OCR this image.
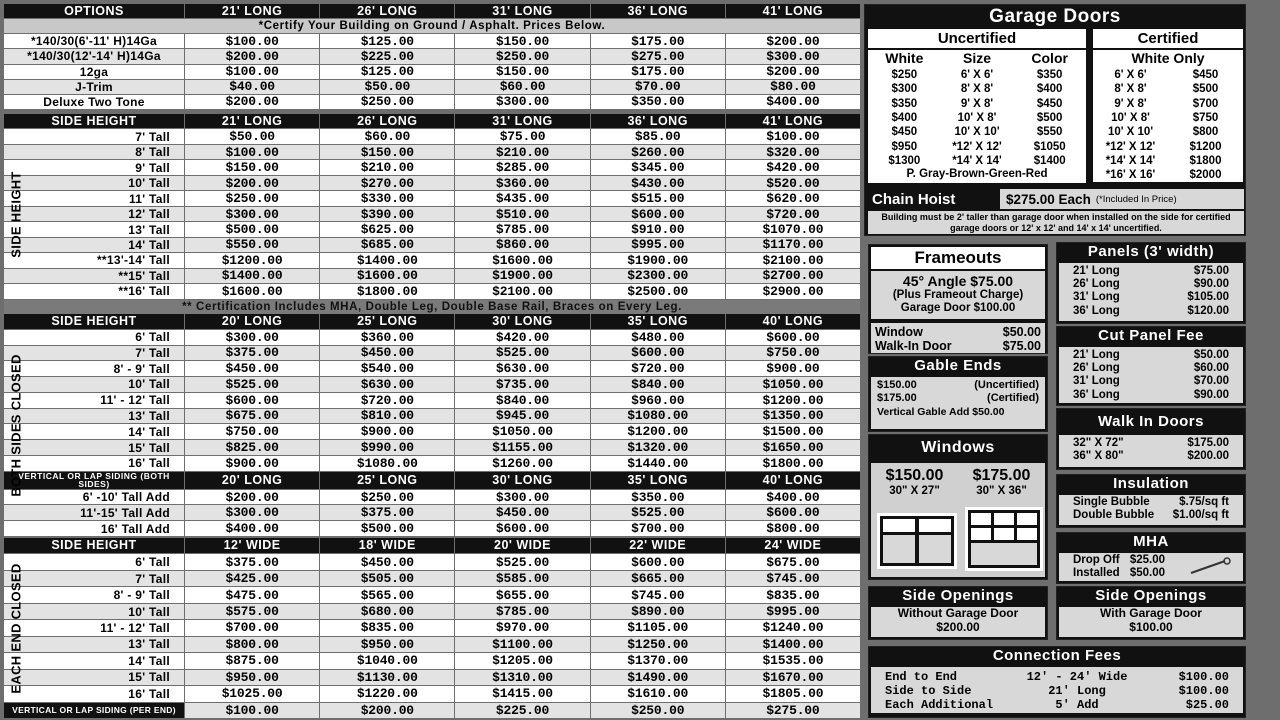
OPTIONS	21' LONG	26' LONG	31' LONG	36' LONG	41' LONG
*Certify Your Building on Ground / Asphalt. Prices Below.
*140/30(6'-11' H)14Ga	$100.00	$125.00	$150.00	$175.00	$200.00
*140/30(12'-14' H)14Ga	$200.00	$225.00	$250.00	$275.00	$300.00
12ga	$100.00	$125.00	$150.00	$175.00	$200.00
J-Trim	$40.00	$50.00	$60.00	$70.00	$80.00
Deluxe Two Tone	$200.00	$250.00	$300.00	$350.00	$400.00
SIDE HEIGHT	21' LONG	26' LONG	31' LONG	36' LONG	41' LONG
7' Tall	$50.00	$60.00	$75.00	$85.00	$100.00
8' Tall	$100.00	$150.00	$210.00	$260.00	$320.00
9' Tall	$150.00	$210.00	$285.00	$345.00	$420.00
10' Tall	$200.00	$270.00	$360.00	$430.00	$520.00
11' Tall	$250.00	$330.00	$435.00	$515.00	$620.00
12' Tall	$300.00	$390.00	$510.00	$600.00	$720.00
13' Tall	$500.00	$625.00	$785.00	$910.00	$1070.00
14' Tall	$550.00	$685.00	$860.00	$995.00	$1170.00
**13'-14' Tall	$1200.00	$1400.00	$1600.00	$1900.00	$2100.00
**15' Tall	$1400.00	$1600.00	$1900.00	$2300.00	$2700.00
**16' Tall	$1600.00	$1800.00	$2100.00	$2500.00	$2900.00
** Certification Includes MHA, Double Leg, Double Base Rail, Braces on Every Leg.
SIDE HEIGHT
SIDE HEIGHT	20' LONG	25' LONG	30' LONG	35' LONG	40' LONG
6' Tall	$300.00	$360.00	$420.00	$480.00	$600.00
7' Tall	$375.00	$450.00	$525.00	$600.00	$750.00
8' - 9' Tall	$450.00	$540.00	$630.00	$720.00	$900.00
10' Tall	$525.00	$630.00	$735.00	$840.00	$1050.00
11' - 12' Tall	$600.00	$720.00	$840.00	$960.00	$1200.00
13' Tall	$675.00	$810.00	$945.00	$1080.00	$1350.00
14' Tall	$750.00	$900.00	$1050.00	$1200.00	$1500.00
15' Tall	$825.00	$990.00	$1155.00	$1320.00	$1650.00
16' Tall	$900.00	$1080.00	$1260.00	$1440.00	$1800.00
VERTICAL OR LAP SIDING (BOTH SIDES)	20' LONG	25' LONG	30' LONG	35' LONG	40' LONG
6' -10' Tall Add	$200.00	$250.00	$300.00	$350.00	$400.00
11'-15' Tall Add	$300.00	$375.00	$450.00	$525.00	$600.00
16' Tall Add	$400.00	$500.00	$600.00	$700.00	$800.00
BOTH SIDES CLOSED
SIDE HEIGHT	12' WIDE	18' WIDE	20' WIDE	22' WIDE	24' WIDE
6' Tall	$375.00	$450.00	$525.00	$600.00	$675.00
7' Tall	$425.00	$505.00	$585.00	$665.00	$745.00
8' - 9' Tall	$475.00	$565.00	$655.00	$745.00	$835.00
10' Tall	$575.00	$680.00	$785.00	$890.00	$995.00
11' - 12' Tall	$700.00	$835.00	$970.00	$1105.00	$1240.00
13' Tall	$800.00	$950.00	$1100.00	$1250.00	$1400.00
14' Tall	$875.00	$1040.00	$1205.00	$1370.00	$1535.00
15' Tall	$950.00	$1130.00	$1310.00	$1490.00	$1670.00
16' Tall	$1025.00	$1220.00	$1415.00	$1610.00	$1805.00
VERTICAL OR LAP SIDING (PER END)	$100.00	$200.00	$225.00	$250.00	$275.00
EACH END CLOSED
Garage Doors
Uncertified
White	Size	Color
$250	6' X 6'	$350
$300	8' X 8'	$400
$350	9' X 8'	$450
$400	10' X 8'	$500
$450	10' X 10'	$550
$950	*12' X 12'	$1050
$1300	*14' X 14'	$1400
P. Gray-Brown-Green-Red
Certified
White Only
6' X 6'	$450
8' X 8'	$500
9' X 8'	$700
10' X 8'	$750
10' X 10'	$800
*12' X 12'	$1200
*14' X 14'	$1800
*16' X 16'	$2000
Chain Hoist	$275.00 Each (*Included In Price)
Building must be 2' taller than garage door when installed on the side for certified garage doors or 12' x 12' and 14' x 14' uncertified.
Frameouts
45° Angle $75.00
(Plus Frameout Charge)
Garage Door $100.00
Window	$50.00
Walk-In Door	$75.00
Panels (3' width)
21' Long	$75.00
26' Long	$90.00
31' Long	$105.00
36' Long	$120.00
Cut Panel Fee
21' Long	$50.00
26' Long	$60.00
31' Long	$70.00
36' Long	$90.00
Gable Ends
$150.00	(Uncertified)
$175.00	(Certified)
Vertical Gable Add $50.00
Walk In Doors
32" X 72"	$175.00
36" X 80"	$200.00
Windows
$150.00 $175.00
30" X 27"	30" X 36"	Insulation
Single Bubble	$.75/sq ft
Double Bubble $1.00/sq ft
MHA
Drop Off $25.00
Installed $50.00
Side Openings
Without Garage Door
$200.00
Side Openings
With Garage Door
$100.00
Connection Fees
End to End	12' - 24' Wide	$100.00
Side to Side	21' Long	$100.00
Each Additional	5' Add	$25.00
